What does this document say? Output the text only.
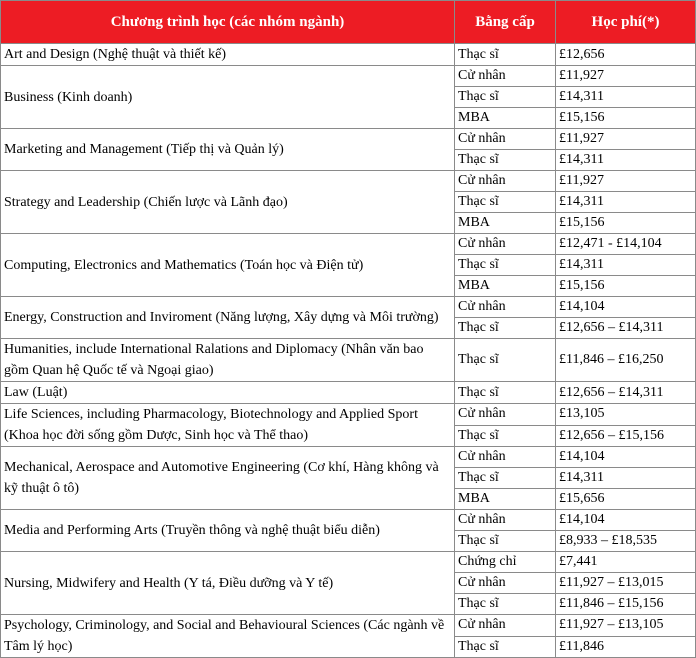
Chương trình học (các nhóm ngành)	Bằng cấp	Học phí(*)
Art and Design (Nghệ thuật và thiết kế)	Thạc sĩ	£12,656
Business (Kinh doanh)	Cử nhân	£11,927
	Thạc sĩ	£14,311
	MBA	£15,156
Marketing and Management (Tiếp thị và Quản lý)	Cử nhân	£11,927
	Thạc sĩ	£14,311
Strategy and Leadership (Chiến lược và Lãnh đạo)	Cử nhân	£11,927
	Thạc sĩ	£14,311
	MBA	£15,156
Computing, Electronics and Mathematics (Toán học và Điện tử)	Cử nhân	£12,471 - £14,104
	Thạc sĩ	£14,311
	MBA	£15,156
Energy, Construction and Inviroment (Năng lượng, Xây dựng và Môi trường)	Cử nhân	£14,104
	Thạc sĩ	£12,656 – £14,311
Humanities, include International Ralations and Diplomacy (Nhân văn bao gồm Quan hệ Quốc tế và Ngoại giao)	Thạc sĩ	£11,846 – £16,250
Law (Luật)	Thạc sĩ	£12,656 – £14,311
Life Sciences, including Pharmacology, Biotechnology and Applied Sport (Khoa học đời sống gồm Dược, Sinh học và Thể thao)	Cử nhân	£13,105
	Thạc sĩ	£12,656 – £15,156
Mechanical, Aerospace and Automotive Engineering (Cơ khí, Hàng không và kỹ thuật ô tô)	Cử nhân	£14,104
	Thạc sĩ	£14,311
	MBA	£15,656
Media and Performing Arts (Truyền thông và nghệ thuật biểu diễn)	Cử nhân	£14,104
	Thạc sĩ	£8,933 – £18,535
Nursing, Midwifery and Health (Y tá, Điều dưỡng và Y tế)	Chứng chỉ	£7,441
	Cử nhân	£11,927 – £13,015
	Thạc sĩ	£11,846 – £15,156
Psychology, Criminology, and Social and Behavioural Sciences (Các ngành về Tâm lý học)	Cử nhân	£11,927 – £13,105
	Thạc sĩ	£11,846
